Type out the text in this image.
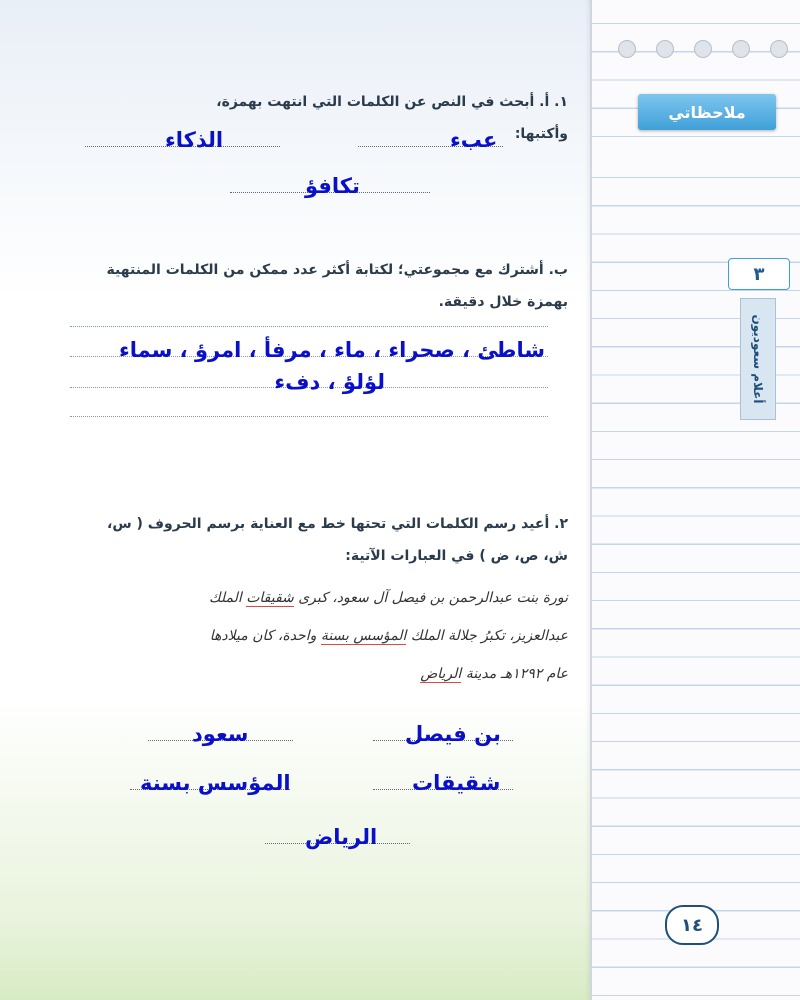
ملاحظاتي
٣
أعلام سعوديون
١٤
١. أ. أبحث في النص عن الكلمات التي انتهت بهمزة، وأكتبها:
عبء
الذكاء
تكافؤ
ب. أشترك مع مجموعتي؛ لكتابة أكثر عدد ممكن من الكلمات المنتهية بهمزة خلال دقيقة.
شاطئ ، صحراء ، ماء ، مرفأ ، امرؤ ، سماء
لؤلؤ ، دفء
٢. أعيد رسم الكلمات التي تحتها خط مع العناية برسم الحروف ( س، ش، ص، ض ) في العبارات الآتية:
نورة بنت عبدالرحمن بن فيصل آل سعود، كبرى شقيقات الملك
عبدالعزيز، تكبرُ جلالة الملك المؤسس بسنة واحدة، كان ميلادها
عام ١٢٩٢هـ مدينة الرياض
بن فيصل
سعود
شقيقات
المؤسس بسنة
الرياض
